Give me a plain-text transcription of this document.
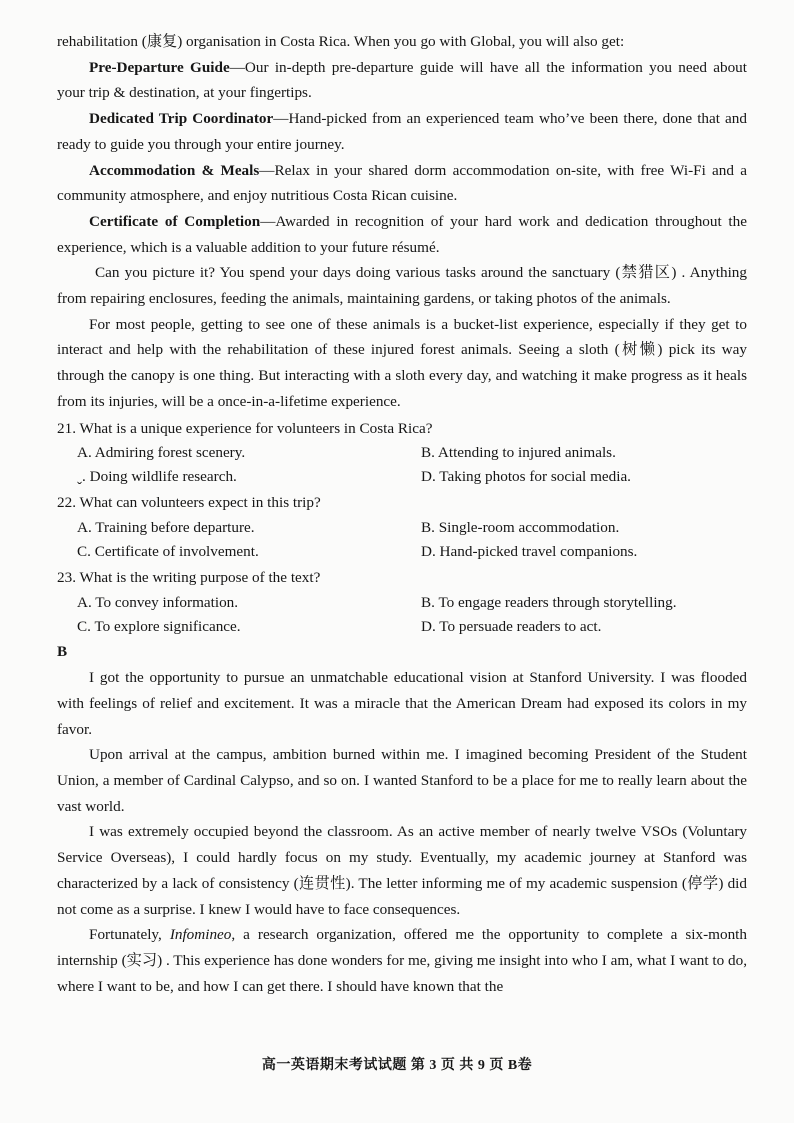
rehabilitation (康复) organisation in Costa Rica. When you go with Global, you will also get:

Pre-Departure Guide—Our in-depth pre-departure guide will have all the information you need about your trip & destination, at your fingertips.

Dedicated Trip Coordinator—Hand-picked from an experienced team who’ve been there, done that and ready to guide you through your entire journey.

Accommodation & Meals—Relax in your shared dorm accommodation on-site, with free Wi-Fi and a community atmosphere, and enjoy nutritious Costa Rican cuisine.

Certificate of Completion—Awarded in recognition of your hard work and dedication throughout the experience, which is a valuable addition to your future résumé.

Can you picture it? You spend your days doing various tasks around the sanctuary (禁猎区) . Anything from repairing enclosures, feeding the animals, maintaining gardens, or taking photos of the animals.

For most people, getting to see one of these animals is a bucket-list experience, especially if they get to interact and help with the rehabilitation of these injured forest animals. Seeing a sloth (树懒) pick its way through the canopy is one thing. But interacting with a sloth every day, and watching it make progress as it heals from its injuries, will be a once-in-a-lifetime experience.

21. What is a unique experience for volunteers in Costa Rica?

A. Admiring forest scenery.	B. Attending to injured animals.
ˬ. Doing wildlife research.	D. Taking photos for social media.

22. What can volunteers expect in this trip?

A. Training before departure.	B. Single-room accommodation.
C. Certificate of involvement.	D. Hand-picked travel companions.

23. What is the writing purpose of the text?

A. To convey information.	B. To engage readers through storytelling.
C. To explore significance.	D. To persuade readers to act.

B

I got the opportunity to pursue an unmatchable educational vision at Stanford University. I was flooded with feelings of relief and excitement. It was a miracle that the American Dream had exposed its colors in my favor.

Upon arrival at the campus, ambition burned within me. I imagined becoming President of the Student Union, a member of Cardinal Calypso, and so on. I wanted Stanford to be a place for me to really learn about the vast world.

I was extremely occupied beyond the classroom. As an active member of nearly twelve VSOs (Voluntary Service Overseas), I could hardly focus on my study. Eventually, my academic journey at Stanford was characterized by a lack of consistency (连贯性). The letter informing me of my academic suspension (停学) did not come as a surprise. I knew I would have to face consequences.

Fortunately, Infomineo, a research organization, offered me the opportunity to complete a six-month internship (实习) . This experience has done wonders for me, giving me insight into who I am, what I want to do, where I want to be, and how I can get there. I should have known that the

高一英语期末考试试题 第 3 页 共 9 页 B卷
